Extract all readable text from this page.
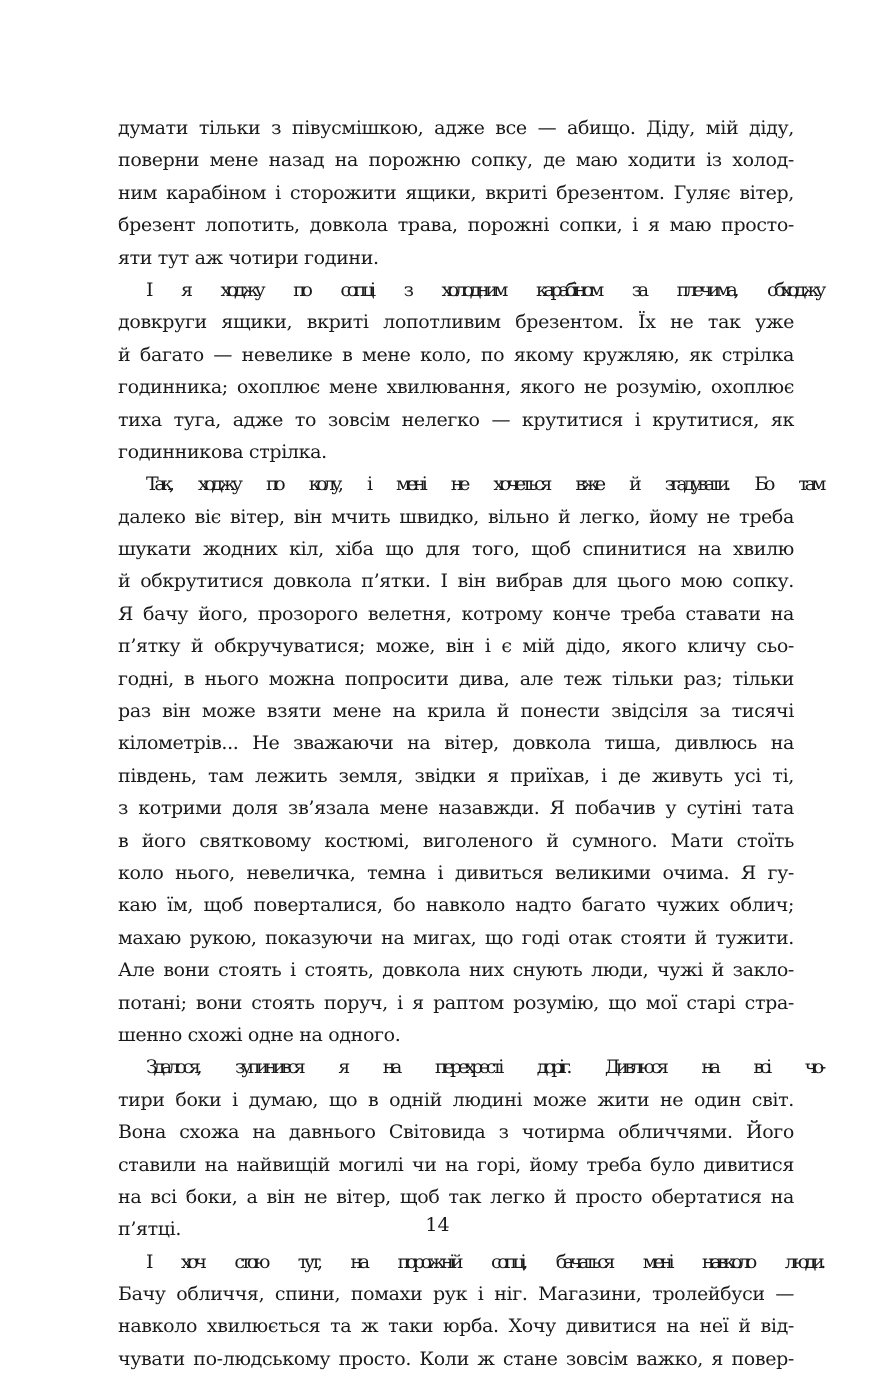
думати тільки з півусмішкою, адже все — абищо. Діду, мій діду,
поверни мене назад на порожню сопку, де маю ходити із холод-
ним карабіном і сторожити ящики, вкриті брезентом. Гуляє вітер,
брезент лопотить, довкола трава, порожні сопки, і я маю просто-
яти тут аж чотири години.
І я ходжу по сопці з холодним карабіном за плечима, обходжу
довкруги ящики, вкриті лопотливим брезентом. Їх не так уже
й багато — невелике в мене коло, по якому кружляю, як стрілка
годинника; охоплює мене хвилювання, якого не розумію, охоплює
тиха туга, адже то зовсім нелегко — крутитися і крутитися, як
годинникова стрілка.
Так, ходжу по колу, і мені не хочеться вже й згадувати. Бо там
далеко віє вітер, він мчить швидко, вільно й легко, йому не треба
шукати жодних кіл, хіба що для того, щоб спинитися на хвилю
й обкрутитися довкола п’ятки. І він вибрав для цього мою сопку.
Я бачу його, прозорого велетня, котрому конче треба ставати на
п’ятку й обкручуватися; може, він і є мій дідо, якого кличу сьо-
годні, в нього можна попросити дива, але теж тільки раз; тільки
раз він може взяти мене на крила й понести звідсіля за тисячі
кілометрів... Не зважаючи на вітер, довкола тиша, дивлюсь на
південь, там лежить земля, звідки я приїхав, і де живуть усі ті,
з котрими доля зв’язала мене назавжди. Я побачив у сутіні тата
в його святковому костюмі, виголеного й сумного. Мати стоїть
коло нього, невеличка, темна і дивиться великими очима. Я гу-
каю їм, щоб поверталися, бо навколо надто багато чужих облич;
махаю рукою, показуючи на мигах, що годі отак стояти й тужити.
Але вони стоять і стоять, довкола них снують люди, чужі й закло-
потані; вони стоять поруч, і я раптом розумію, що мої старі стра-
шенно схожі одне на одного.
Здалося, зупинився я на перехресті доріг. Дивлюся на всі чо-
тири боки і думаю, що в одній людині може жити не один світ.
Вона схожа на давнього Світовида з чотирма обличчями. Його
ставили на найвищій могилі чи на горі, йому треба було дивитися
на всі боки, а він не вітер, щоб так легко й просто обертатися на
п’ятці.
І хоч стою тут, на порожній сопці, бачаться мені навколо люди.
Бачу обличчя, спини, помахи рук і ніг. Магазини, тролейбуси —
навколо хвилюється та ж таки юрба. Хочу дивитися на неї й від-
чувати по-людському просто. Коли ж стане зовсім важко, я повер-
14
